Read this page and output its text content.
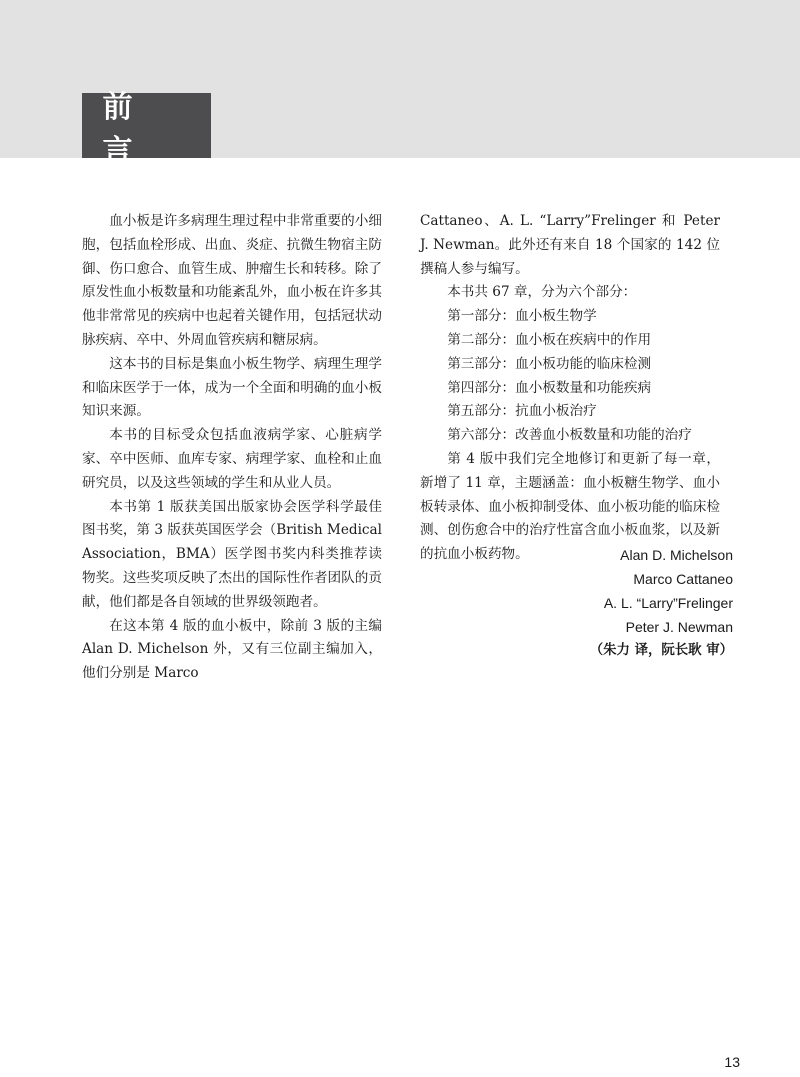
前　言

血小板是许多病理生理过程中非常重要的小细胞，包括血栓形成、出血、炎症、抗微生物宿主防御、伤口愈合、血管生成、肿瘤生长和转移。除了原发性血小板数量和功能紊乱外，血小板在许多其他非常常见的疾病中也起着关键作用，包括冠状动脉疾病、卒中、外周血管疾病和糖尿病。

这本书的目标是集血小板生物学、病理生理学和临床医学于一体，成为一个全面和明确的血小板知识来源。

本书的目标受众包括血液病学家、心脏病学家、卒中医师、血库专家、病理学家、血栓和止血研究员，以及这些领域的学生和从业人员。

本书第 1 版获美国出版家协会医学科学最佳图书奖，第 3 版获英国医学会（British Medical Association，BMA）医学图书奖内科类推荐读物奖。这些奖项反映了杰出的国际性作者团队的贡献，他们都是各自领域的世界级领跑者。

在这本第 4 版的血小板中，除前 3 版的主编 Alan D. Michelson 外，又有三位副主编加入，他们分别是 Marco

Cattaneo、A. L. “Larry”Frelinger 和 Peter J. Newman。此外还有来自 18 个国家的 142 位撰稿人参与编写。

本书共 67 章，分为六个部分：

第一部分：血小板生物学

第二部分：血小板在疾病中的作用

第三部分：血小板功能的临床检测

第四部分：血小板数量和功能疾病

第五部分：抗血小板治疗

第六部分：改善血小板数量和功能的治疗

第 4 版中我们完全地修订和更新了每一章，新增了 11 章，主题涵盖：血小板糖生物学、血小板转录体、血小板抑制受体、血小板功能的临床检测、创伤愈合中的治疗性富含血小板血浆，以及新的抗血小板药物。	Alan D. Michelson
Marco Cattaneo
A. L. “Larry”Frelinger
Peter J. Newman
（朱力 译，阮长耿 审）
13
